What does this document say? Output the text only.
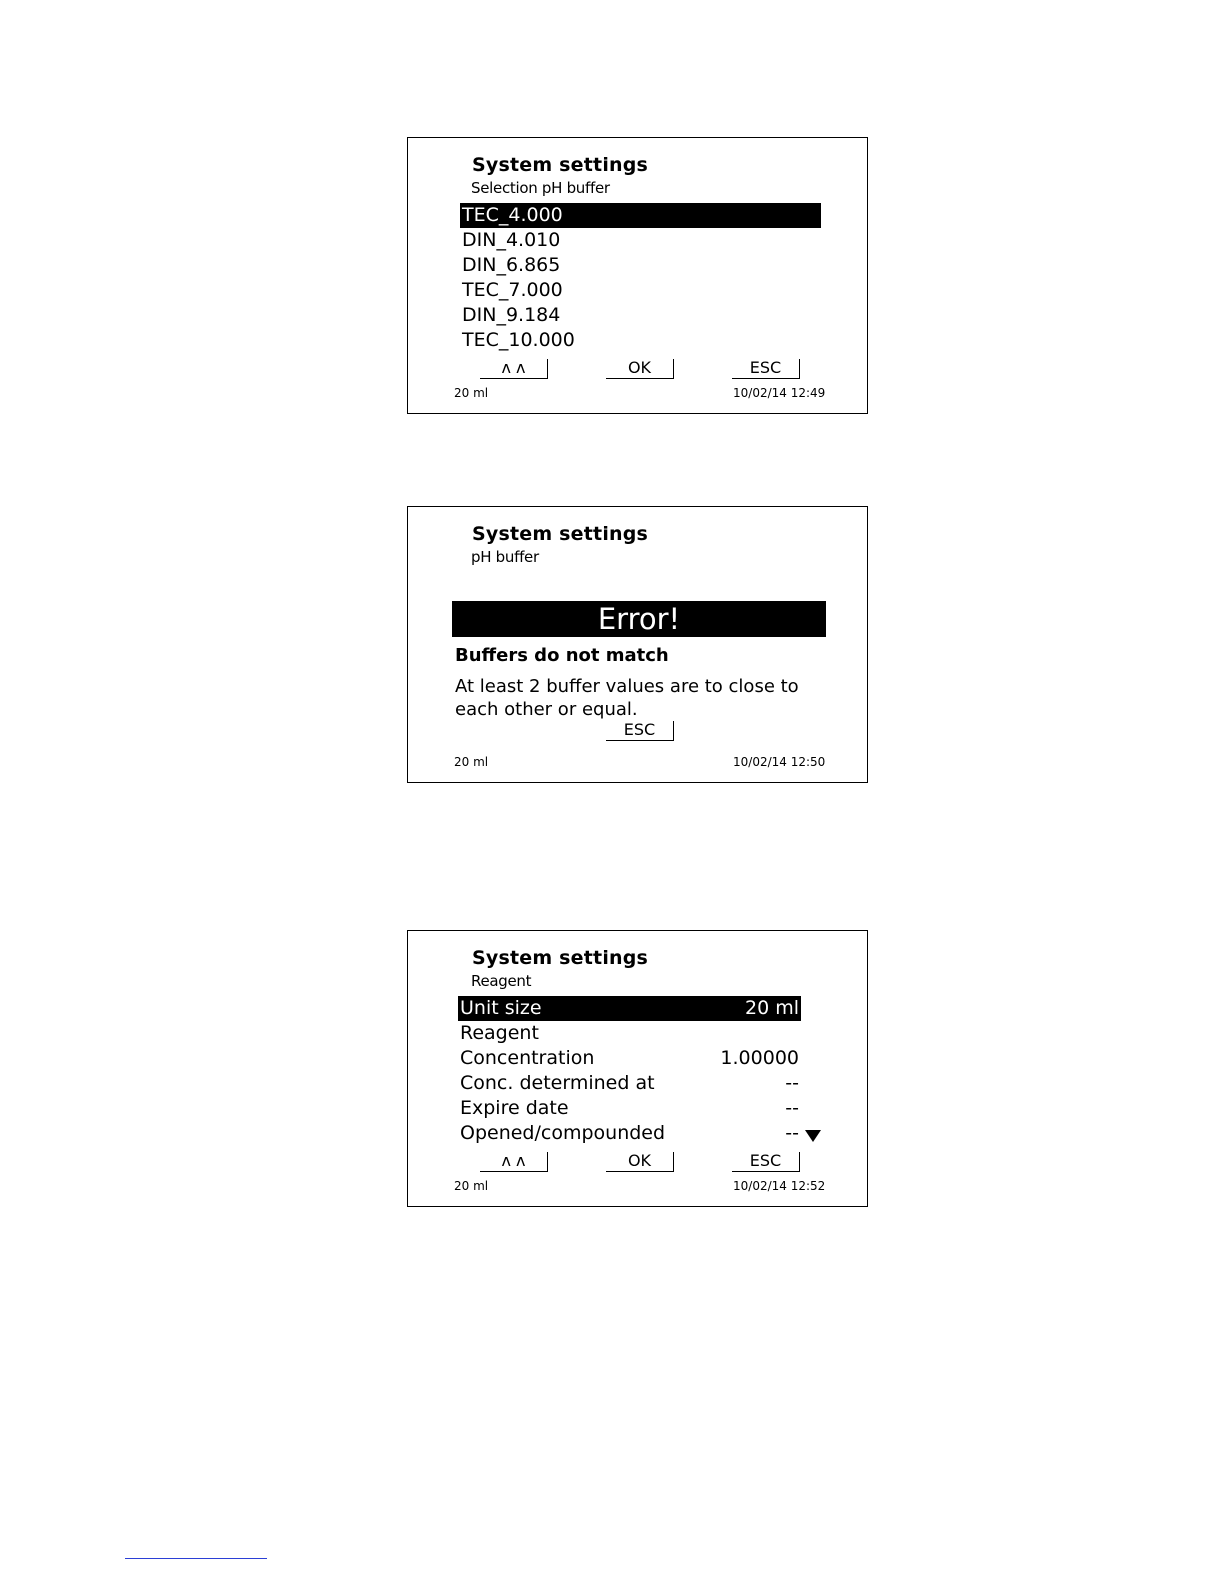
System settings
Selection pH buffer
TEC_4.000
DIN_4.010
DIN_6.865
TEC_7.000
DIN_9.184
TEC_10.000
ʌ ʌ	OK	ESC
20 ml	10/02/14 12:49
System settings
pH buffer
Error!
Buffers do not match
At least 2 buffer values are to close to each other or equal.
ESC
20 ml	10/02/14 12:50
System settings
Reagent
Unit size	20 ml
Reagent
Concentration	1.00000
Conc. determined at	--
Expire date	--
Opened/compounded	--
ʌ ʌ	OK	ESC
20 ml	10/02/14 12:52
